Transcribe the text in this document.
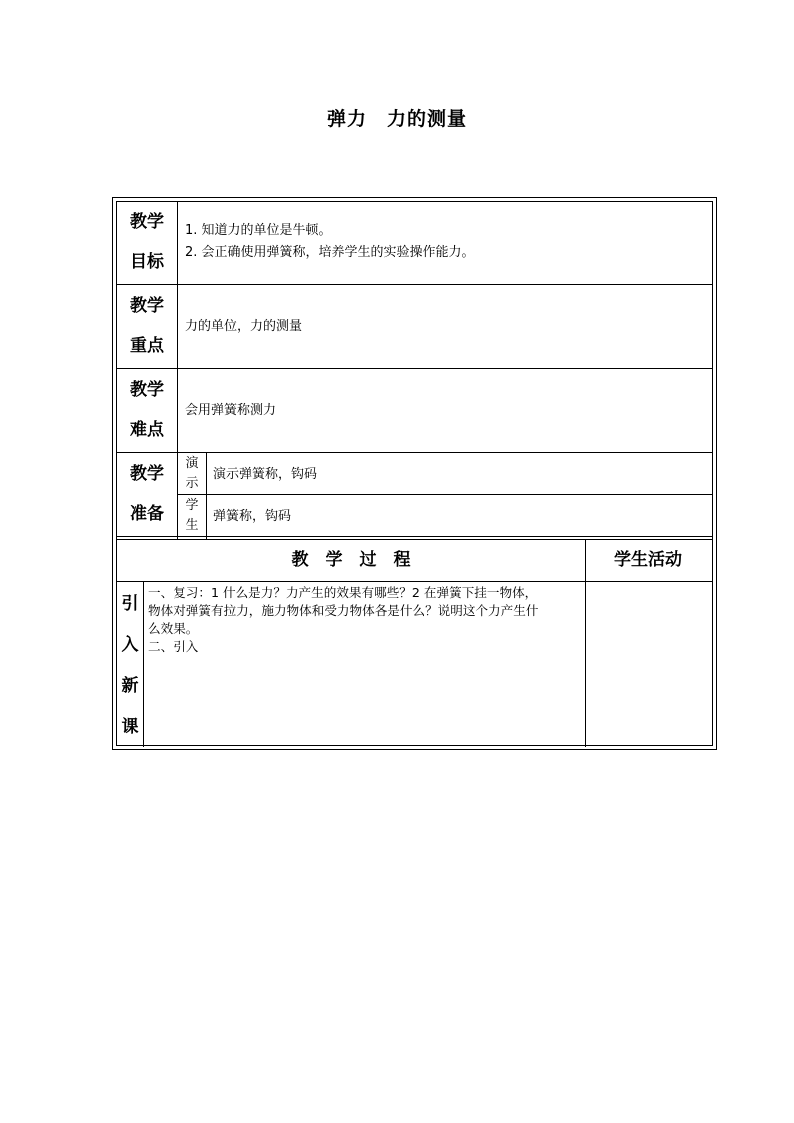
弹力　力的测量
教学
目标
1. 知道力的单位是牛顿。
2. 会正确使用弹簧称，培养学生的实验操作能力。
教学
重点
力的单位，力的测量
教学
难点
会用弹簧称测力
教学
准备
演
示
演示弹簧称，钩码
学
生
弹簧称，钩码
教　学　过　程	学生活动
引
入
新
课
一、复习：1 什么是力？力产生的效果有哪些？2 在弹簧下挂一物体，
物体对弹簧有拉力，施力物体和受力物体各是什么？说明这个力产生什
么效果。
二、引入
